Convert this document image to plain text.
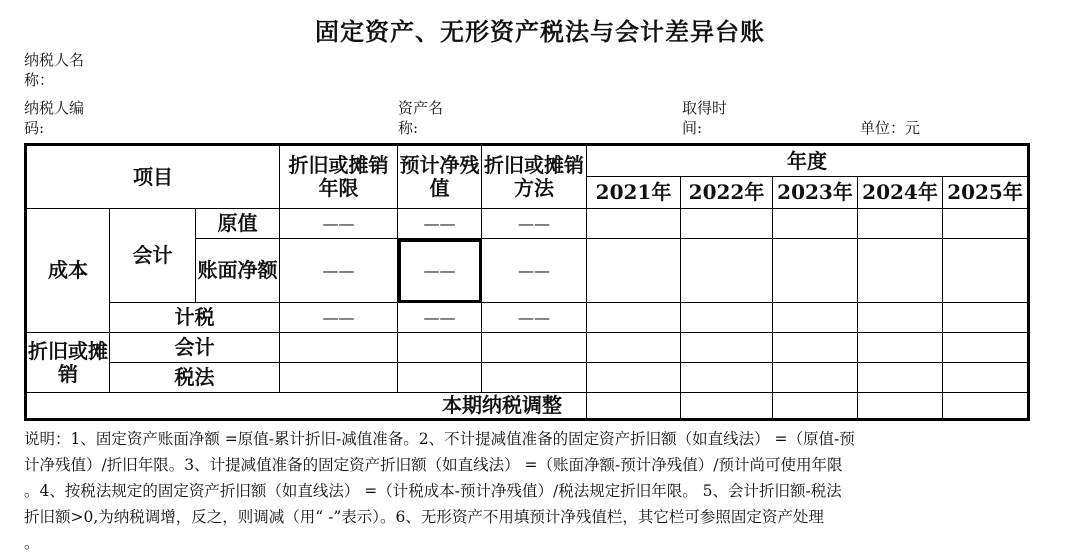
固定资产、无形资产税法与会计差异台账
纳税人名
称：
纳税人编
码:
资产名
称:
取得时
间:	单位：元
项目			折旧或摊销年限	预计净残值	折旧或摊销方法	年度				
						2021年	2022年	2023年	2024年	2025年
成本	会计	原值	——	——	——					
		账面净额	——	——	——					
	计税		——	——	——					
折旧或摊销	会计									
	税法									
本期纳税调整										

说明：1、固定资产账面净额 =原值-累计折旧-减值准备。2、不计提减值准备的固定资产折旧额（如直线法） =（原值-预

计净残值）/折旧年限。3、计提减值准备的固定资产折旧额（如直线法） =（账面净额-预计净残值）/预计尚可使用年限

。4、按税法规定的固定资产折旧额（如直线法） =（计税成本-预计净残值）/税法规定折旧年限。 5、会计折旧额-税法

折旧额>0,为纳税调增，反之，则调减（用“ -”表示）。6、无形资产不用填预计净残值栏，其它栏可参照固定资产处理

。
